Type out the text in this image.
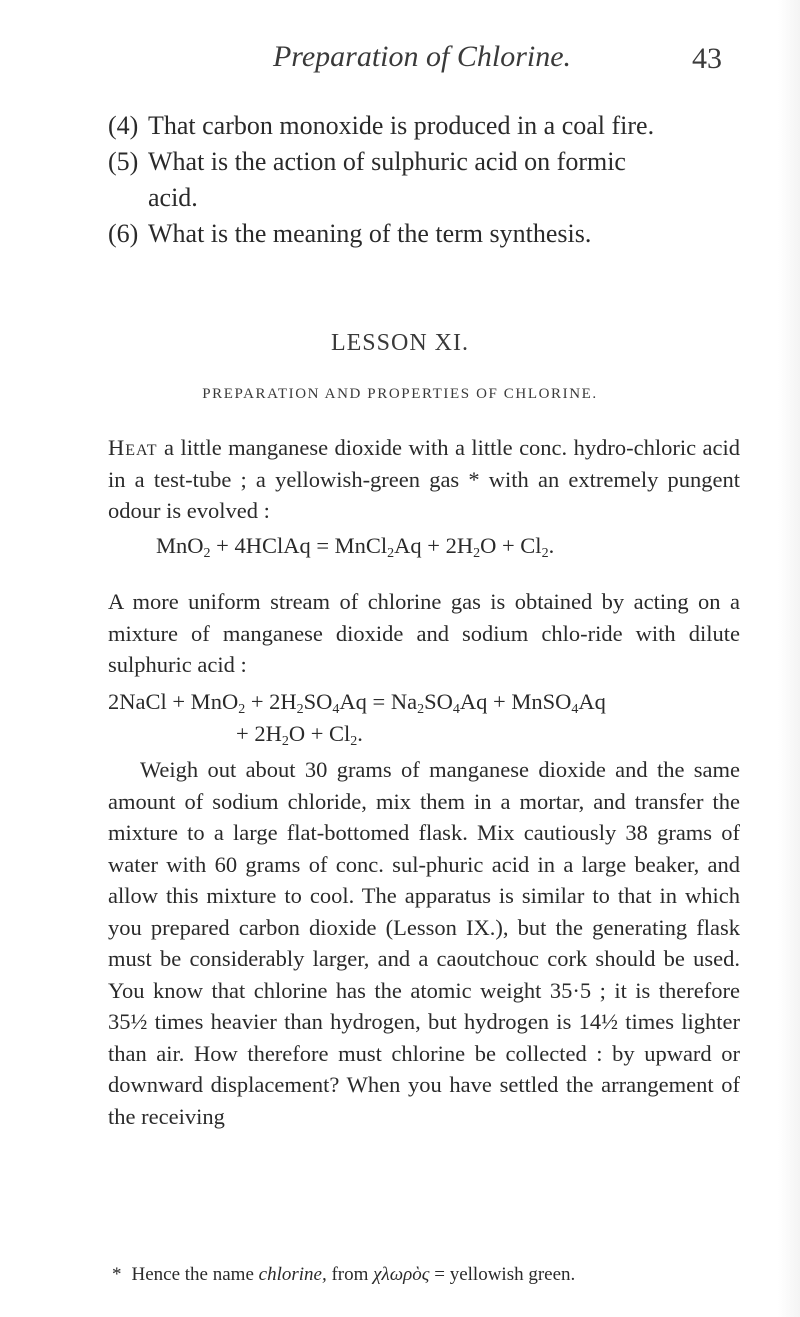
Preparation of Chlorine.	43
(4) That carbon monoxide is produced in a coal fire.
(5) What is the action of sulphuric acid on formic
acid.
(6) What is the meaning of the term synthesis.
LESSON XI.
PREPARATION AND PROPERTIES OF CHLORINE.
Heat a little manganese dioxide with a little conc. hydro-chloric acid in a test-tube ; a yellowish-green gas * with an extremely pungent odour is evolved :
MnO$_2$ + 4HClAq = MnCl$_2$Aq + $2H_2O + Cl_2$.
A more uniform stream of chlorine gas is obtained by acting on a mixture of manganese dioxide and sodium chlo-ride with dilute sulphuric acid :
2NaCl + $MnO_2 + 2H_2SO_4Aq = Na_2SO_4Aq$ + MnSO$_4$Aq
+ $2H_2O + Cl_2$.
Weigh out about 30 grams of manganese dioxide and the same amount of sodium chloride, mix them in a mortar, and transfer the mixture to a large flat-bottomed flask. Mix cautiously 38 grams of water with 60 grams of conc. sul-phuric acid in a large beaker, and allow this mixture to cool. The apparatus is similar to that in which you prepared carbon dioxide (Lesson IX.), but the generating flask must be considerably larger, and a caoutchouc cork should be used. You know that chlorine has the atomic weight 35·5 ; it is therefore 35½ times heavier than hydrogen, but hydrogen is 14½ times lighter than air. How therefore must chlorine be collected : by upward or downward displacement? When you have settled the arrangement of the receiving
* Hence the name chlorine, from χλωρὸς = yellowish green.
